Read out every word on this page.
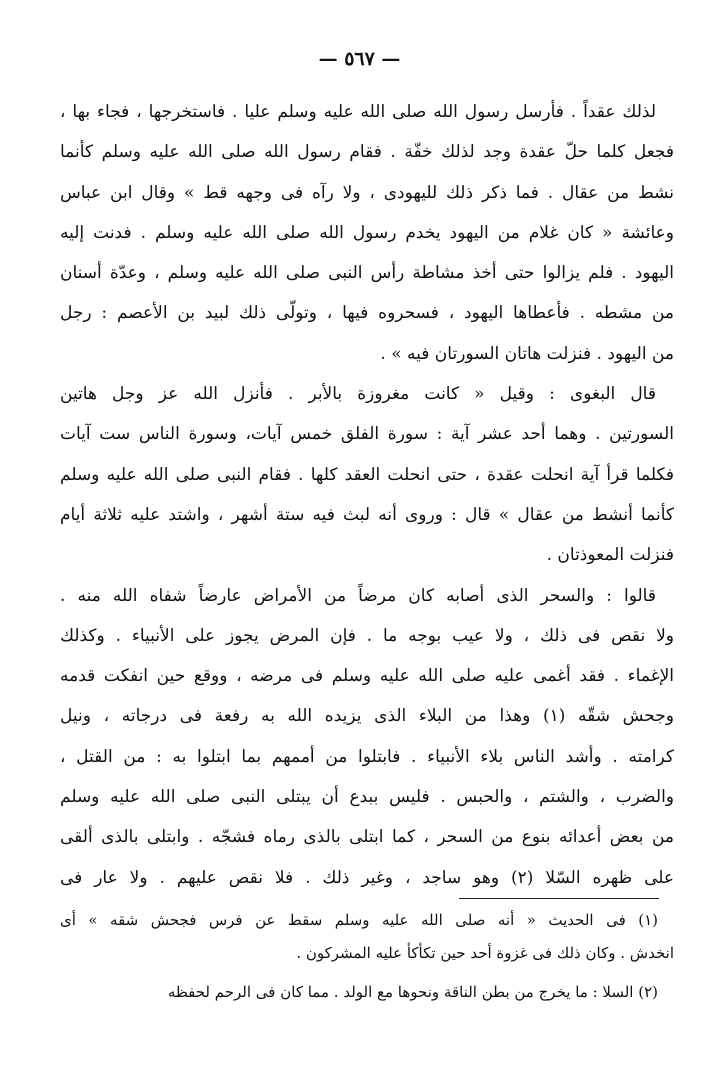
— ٥٦٧ —
لذلك عقداً . فأرسل رسول الله صلى الله عليه وسلم عليا . فاستخرجها ، فجاء بها ،
فجعل كلما حلّ عقدة وجد لذلك خفّة . فقام رسول الله صلى الله عليه وسلم كأنما
نشط من عقال . فما ذكر ذلك لليهودى ، ولا رآه فى وجهه قط » وقال ابن عباس
وعائشة « كان غلام من اليهود يخدم رسول الله صلى الله عليه وسلم . فدنت إليه
اليهود . فلم يزالوا حتى أخذ مشاطة رأس النبى صلى الله عليه وسلم ، وعدّة أسنان
من مشطه . فأعطاها اليهود ، فسحروه فيها ، وتولّى ذلك لبيد بن الأعصم : رجل
من اليهود . فنزلت هاتان السورتان فيه » .
قال البغوى : وقيل « كانت مغروزة بالأبر . فأنزل الله عز وجل هاتين
السورتين . وهما أحد عشر آية : سورة الفلق خمس آيات، وسورة الناس ست آيات
فكلما قرأ آية انحلت عقدة ، حتى انحلت العقد كلها . فقام النبى صلى الله عليه وسلم
كأنما أنشط من عقال » قال : وروى أنه لبث فيه ستة أشهر ، واشتد عليه ثلاثة أيام
فنزلت المعوذتان .
قالوا : والسحر الذى أصابه كان مرضاً من الأمراض عارضاً شفاه الله منه .
ولا نقص فى ذلك ، ولا عيب بوجه ما . فإن المرض يجوز على الأنبياء . وكذلك
الإغماء . فقد أغمى عليه صلى الله عليه وسلم فى مرضه ، ووقع حين انفكت قدمه
وجحش شقّه (١) وهذا من البلاء الذى يزيده الله به رفعة فى درجاته ، ونيل
كرامته . وأشد الناس بلاء الأنبياء . فابتلوا من أممهم بما ابتلوا به : من القتل ،
والضرب ، والشتم ، والحبس . فليس ببدع أن يبتلى النبى صلى الله عليه وسلم
من بعض أعدائه بنوع من السحر ، كما ابتلى بالذى رماه فشجّه . وابتلى بالذى ألقى
على ظهره السّلا (٢) وهو ساجد ، وغير ذلك . فلا نقص عليهم . ولا عار فى
(١) فى الحديث « أنه صلى الله عليه وسلم سقط عن فرس فجحش شقه » أى
انخدش . وكان ذلك فى غزوة أحد حين تكأكأ عليه المشركون .
(٢) السلا : ما يخرج من بطن الناقة ونحوها مع الولد . مما كان فى الرحم لحفظه
